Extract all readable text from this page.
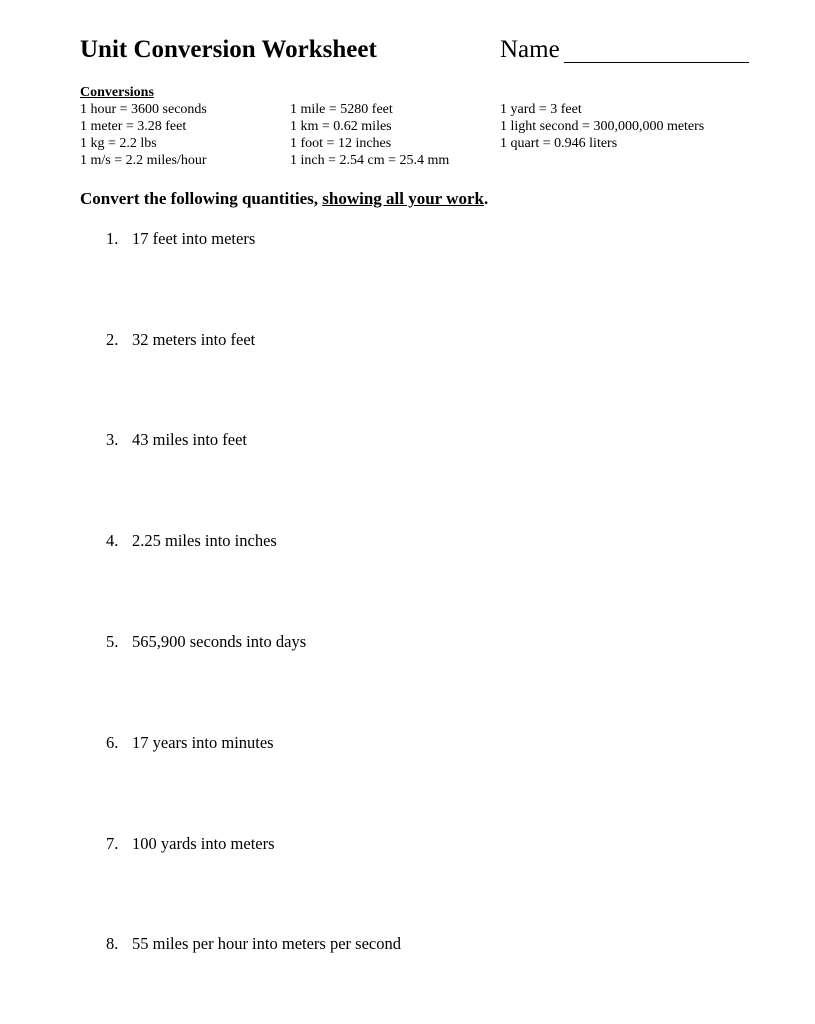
Unit Conversion Worksheet	Name
Conversions
1 hour = 3600 seconds
1 meter = 3.28 feet
1 kg = 2.2 lbs
1 m/s = 2.2 miles/hour
1 mile = 5280 feet
1 km = 0.62 miles
1 foot = 12 inches
1 inch = 2.54 cm = 25.4 mm
1 yard = 3 feet
1 light second = 300,000,000 meters
1 quart = 0.946 liters
Convert the following quantities, showing all your work.
1. 17 feet into meters
2. 32 meters into feet
3. 43 miles into feet
4. 2.25 miles into inches
5. 565,900 seconds into days
6. 17 years into minutes
7. 100 yards into meters
8. 55 miles per hour into meters per second
